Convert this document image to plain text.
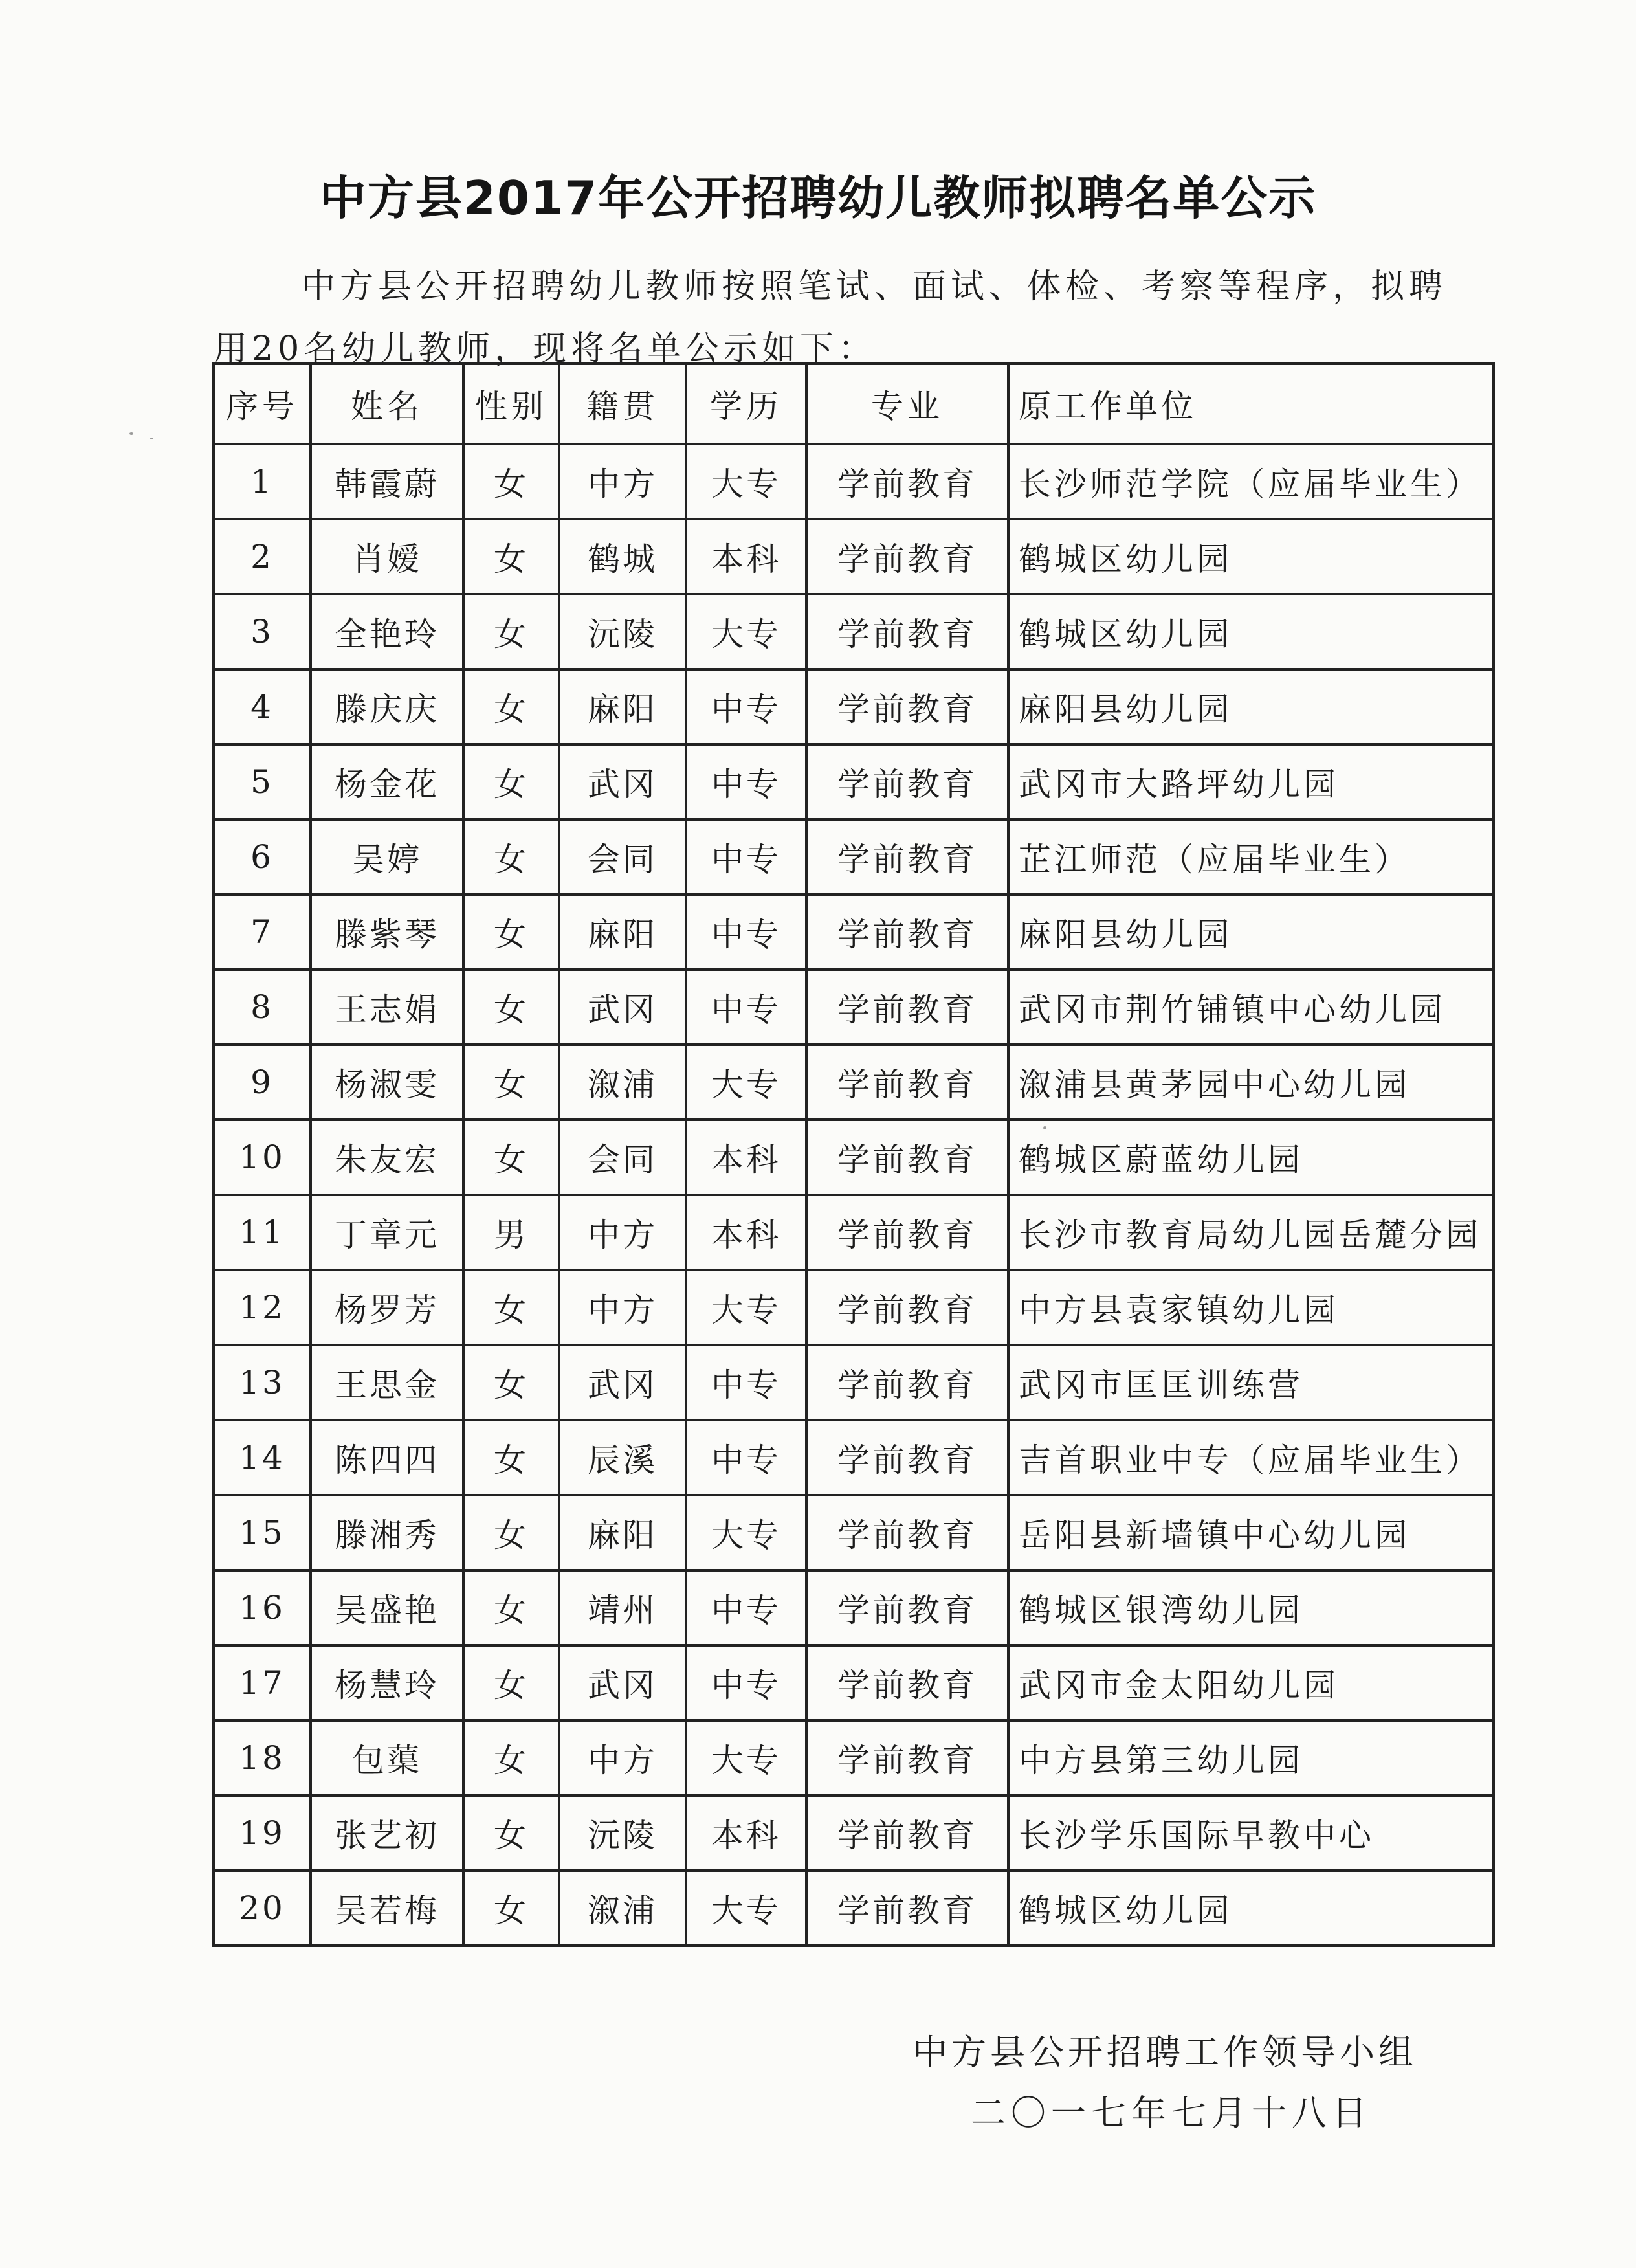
中方县2017年公开招聘幼儿教师拟聘名单公示
中方县公开招聘幼儿教师按照笔试、面试、体检、考察等程序，拟聘用20名幼儿教师，现将名单公示如下：
序号	姓名	性别	籍贯	学历	专业	原工作单位
1	韩霞蔚	女	中方	大专	学前教育	长沙师范学院（应届毕业生）
2	肖嫒	女	鹤城	本科	学前教育	鹤城区幼儿园
3	全艳玲	女	沅陵	大专	学前教育	鹤城区幼儿园
4	滕庆庆	女	麻阳	中专	学前教育	麻阳县幼儿园
5	杨金花	女	武冈	中专	学前教育	武冈市大路坪幼儿园
6	吴婷	女	会同	中专	学前教育	芷江师范（应届毕业生）
7	滕紫琴	女	麻阳	中专	学前教育	麻阳县幼儿园
8	王志娟	女	武冈	中专	学前教育	武冈市荆竹铺镇中心幼儿园
9	杨淑雯	女	溆浦	大专	学前教育	溆浦县黄茅园中心幼儿园
10	朱友宏	女	会同	本科	学前教育	鹤城区蔚蓝幼儿园
11	丁章元	男	中方	本科	学前教育	长沙市教育局幼儿园岳麓分园
12	杨罗芳	女	中方	大专	学前教育	中方县袁家镇幼儿园
13	王思金	女	武冈	中专	学前教育	武冈市匡匡训练营
14	陈四四	女	辰溪	中专	学前教育	吉首职业中专（应届毕业生）
15	滕湘秀	女	麻阳	大专	学前教育	岳阳县新墙镇中心幼儿园
16	吴盛艳	女	靖州	中专	学前教育	鹤城区银湾幼儿园
17	杨慧玲	女	武冈	中专	学前教育	武冈市金太阳幼儿园
18	包蕖	女	中方	大专	学前教育	中方县第三幼儿园
19	张艺初	女	沅陵	本科	学前教育	长沙学乐国际早教中心
20	吴若梅	女	溆浦	大专	学前教育	鹤城区幼儿园
中方县公开招聘工作领导小组
二〇一七年七月十八日
